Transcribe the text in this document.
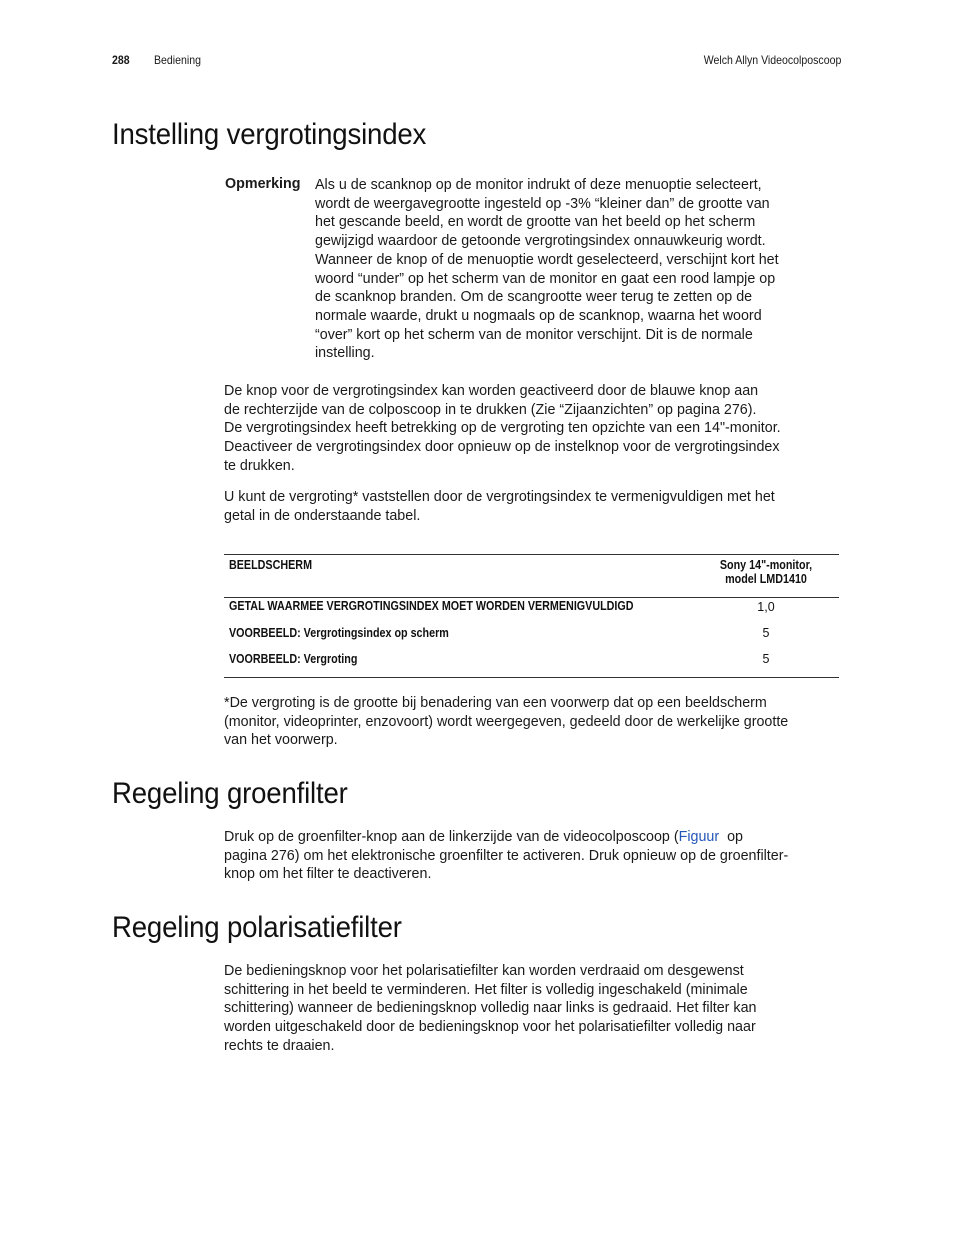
288 Bediening	Welch Allyn Videocolposcoop
Instelling vergrotingsindex
Opmerking Als u de scanknop op de monitor indrukt of deze menuoptie selecteert,
wordt de weergavegrootte ingesteld op -3% “kleiner dan” de grootte van
het gescande beeld, en wordt de grootte van het beeld op het scherm
gewijzigd waardoor de getoonde vergrotingsindex onnauwkeurig wordt.
Wanneer de knop of de menuoptie wordt geselecteerd, verschijnt kort het
woord “under” op het scherm van de monitor en gaat een rood lampje op
de scanknop branden. Om de scangrootte weer terug te zetten op de
normale waarde, drukt u nogmaals op de scanknop, waarna het woord
“over” kort op het scherm van de monitor verschijnt. Dit is de normale
instelling.

De knop voor de vergrotingsindex kan worden geactiveerd door de blauwe knop aan
de rechterzijde van de colposcoop in te drukken (Zie “Zijaanzichten” op pagina 276).
De vergrotingsindex heeft betrekking op de vergroting ten opzichte van een 14"-monitor.
Deactiveer de vergrotingsindex door opnieuw op de instelknop voor de vergrotingsindex
te drukken.

U kunt de vergroting* vaststellen door de vergrotingsindex te vermenigvuldigen met het
getal in de onderstaande tabel.

BEELDSCHERM	Sony 14"-monitor,
model LMD1410
GETAL WAARMEE VERGROTINGSINDEX MOET WORDEN VERMENIGVULDIGD	1,0
VOORBEELD: Vergrotingsindex op scherm	5
VOORBEELD: Vergroting	5

*De vergroting is de grootte bij benadering van een voorwerp dat op een beeldscherm
(monitor, videoprinter, enzovoort) wordt weergegeven, gedeeld door de werkelijke grootte
van het voorwerp.

Regeling groenfilter

Druk op de groenfilter-knop aan de linkerzijde van de videocolposcoop (Figuur  op
pagina 276) om het elektronische groenfilter te activeren. Druk opnieuw op de groenfilter-
knop om het filter te deactiveren.

Regeling polarisatiefilter

De bedieningsknop voor het polarisatiefilter kan worden verdraaid om desgewenst
schittering in het beeld te verminderen. Het filter is volledig ingeschakeld (minimale
schittering) wanneer de bedieningsknop volledig naar links is gedraaid. Het filter kan
worden uitgeschakeld door de bedieningsknop voor het polarisatiefilter volledig naar
rechts te draaien.
